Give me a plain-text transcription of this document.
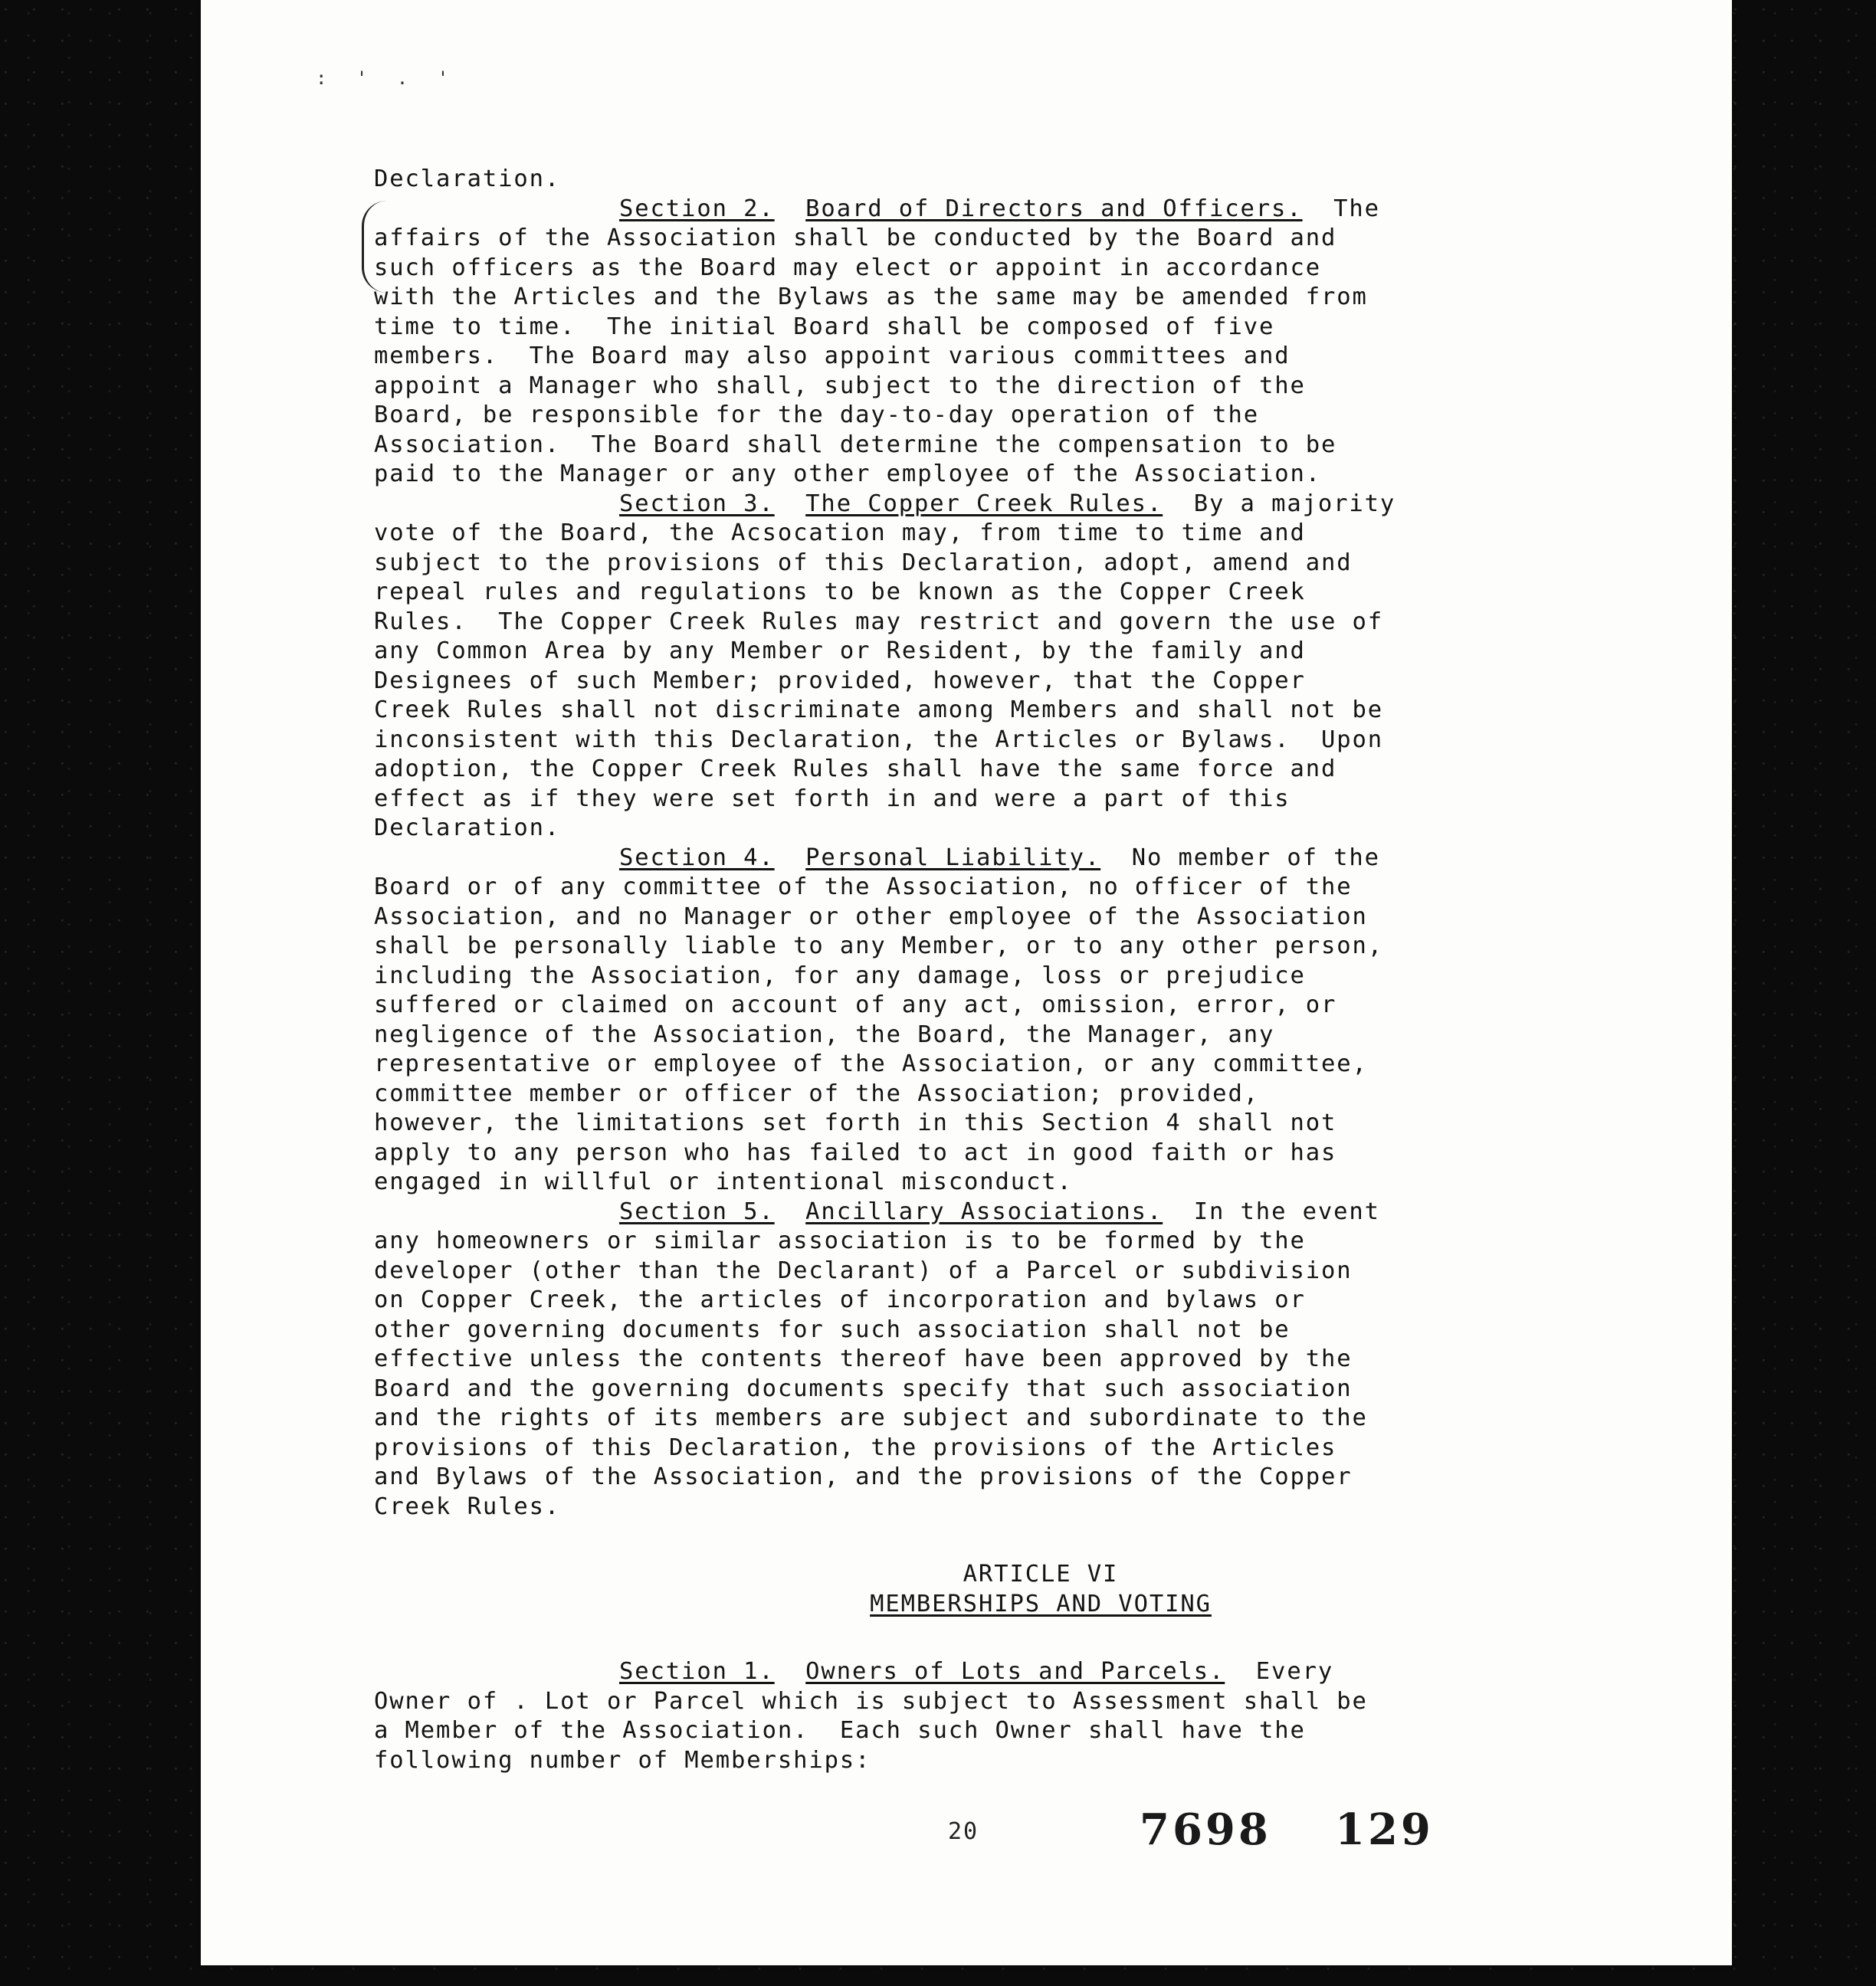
: ' . '
Declaration.
Section 2. Board of Directors and Officers. The
affairs of the Association shall be conducted by the Board and
such officers as the Board may elect or appoint in accordance
with the Articles and the Bylaws as the same may be amended from
time to time.  The initial Board shall be composed of five
members.  The Board may also appoint various committees and
appoint a Manager who shall, subject to the direction of the
Board, be responsible for the day-to-day operation of the
Association.  The Board shall determine the compensation to be
paid to the Manager or any other employee of the Association.
Section 3. The Copper Creek Rules. By a majority
vote of the Board, the Acsocation may, from time to time and
subject to the provisions of this Declaration, adopt, amend and
repeal rules and regulations to be known as the Copper Creek
Rules.  The Copper Creek Rules may restrict and govern the use of
any Common Area by any Member or Resident, by the family and
Designees of such Member; provided, however, that the Copper
Creek Rules shall not discriminate among Members and shall not be
inconsistent with this Declaration, the Articles or Bylaws.  Upon
adoption, the Copper Creek Rules shall have the same force and
effect as if they were set forth in and were a part of this
Declaration.
Section 4. Personal Liability. No member of the
Board or of any committee of the Association, no officer of the
Association, and no Manager or other employee of the Association
shall be personally liable to any Member, or to any other person,
including the Association, for any damage, loss or prejudice
suffered or claimed on account of any act, omission, error, or
negligence of the Association, the Board, the Manager, any
representative or employee of the Association, or any committee,
committee member or officer of the Association; provided,
however, the limitations set forth in this Section 4 shall not
apply to any person who has failed to act in good faith or has
engaged in willful or intentional misconduct.
Section 5. Ancillary Associations. In the event
any homeowners or similar association is to be formed by the
developer (other than the Declarant) of a Parcel or subdivision
on Copper Creek, the articles of incorporation and bylaws or
other governing documents for such association shall not be
effective unless the contents thereof have been approved by the
Board and the governing documents specify that such association
and the rights of its members are subject and subordinate to the
provisions of this Declaration, the provisions of the Articles
and Bylaws of the Association, and the provisions of the Copper
Creek Rules.
ARTICLE VI
MEMBERSHIPS AND VOTING
Section 1. Owners of Lots and Parcels. Every
Owner of . Lot or Parcel which is subject to Assessment shall be
a Member of the Association.  Each such Owner shall have the
following number of Memberships:
20	7698 129
